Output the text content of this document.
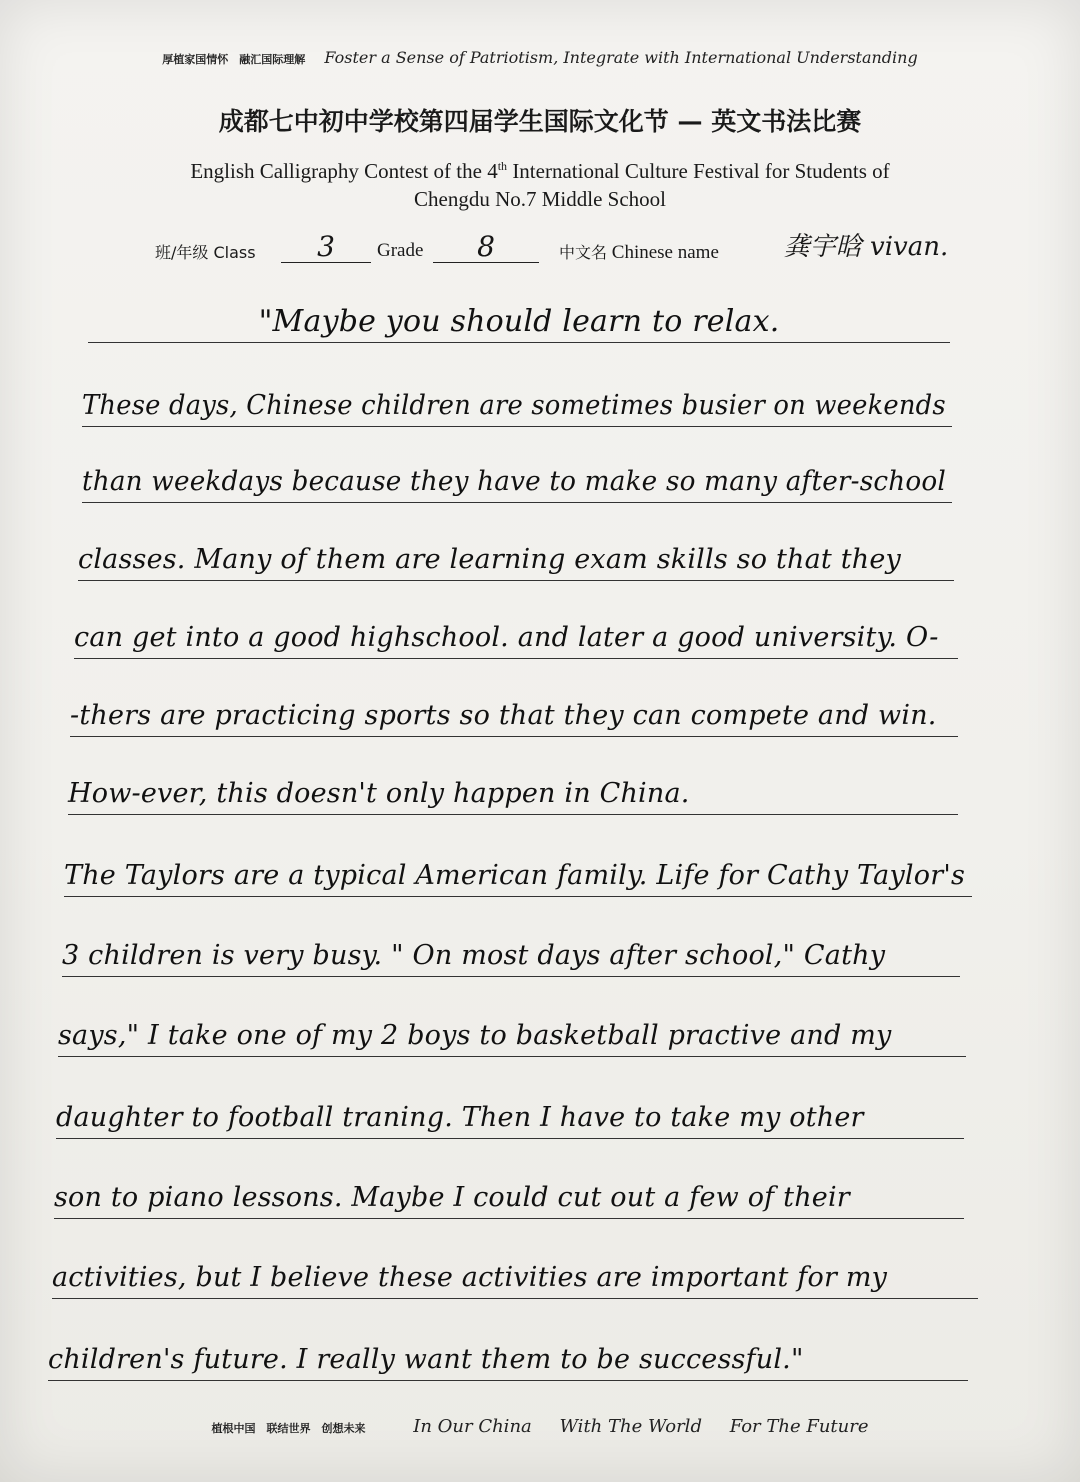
厚植家国情怀　融汇国际理解 Foster a Sense of Patriotism, Integrate with International Understanding
成都七中初中学校第四届学生国际文化节 — 英文书法比赛
English Calligraphy Contest of the 4th International Culture Festival for Students of
Chengdu No.7 Middle School
班/年级 Class	3	Grade	8	中文名 Chinese name	龚宇晗 vivan.
"Maybe you should learn to relax.
These days, Chinese children are sometimes busier on weekends
than weekdays because they have to make so many after-school
classes. Many of them are learning exam skills so that they
can get into a good highschool. and later a good university. O-
-thers are practicing sports so that they can compete and win.
How-ever, this doesn't only happen in China.
The Taylors are a typical American family. Life for Cathy Taylor's
3 children is very busy. " On most days after school," Cathy
says," I take one of my 2 boys to basketball practive and my
daughter to football traning. Then I have to take my other
son to piano lessons. Maybe I could cut out a few of their
activities, but I believe these activities are important for my
children's future. I really want them to be successful."
植根中国　联结世界　创想未来	In Our China With The World For The Future
